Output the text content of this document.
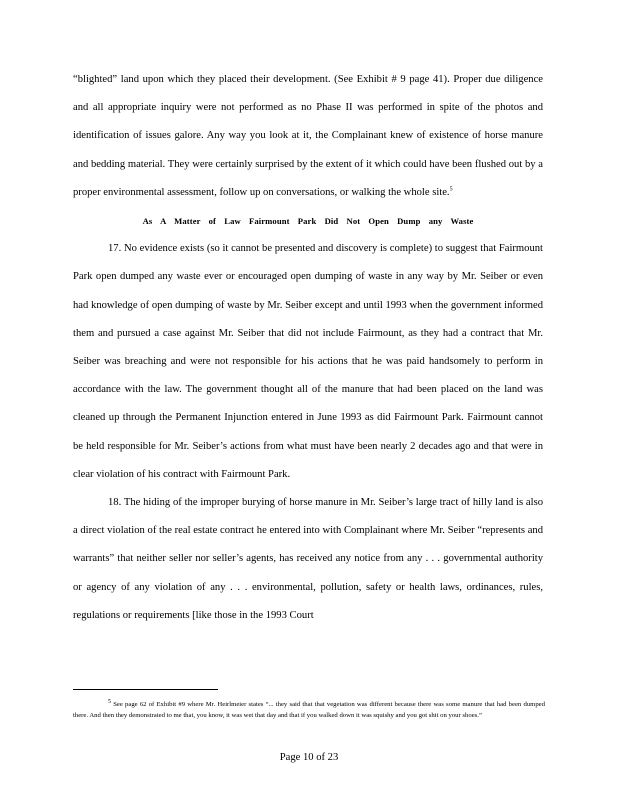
“blighted” land upon which they placed their development. (See Exhibit # 9 page 41). Proper due diligence and all appropriate inquiry were not performed as no Phase II was performed in spite of the photos and identification of issues galore. Any way you look at it, the Complainant knew of existence of horse manure and bedding material. They were certainly surprised by the extent of it which could have been flushed out by a proper environmental assessment, follow up on conversations, or walking the whole site.$^5$

As A Matter of Law Fairmount Park Did Not Open Dump any Waste

17. No evidence exists (so it cannot be presented and discovery is complete) to suggest that Fairmount Park open dumped any waste ever or encouraged open dumping of waste in any way by Mr. Seiber or even had knowledge of open dumping of waste by Mr. Seiber except and until 1993 when the government informed them and pursued a case against Mr. Seiber that did not include Fairmount, as they had a contract that Mr. Seiber was breaching and were not responsible for his actions that he was paid handsomely to perform in accordance with the law. The government thought all of the manure that had been placed on the land was cleaned up through the Permanent Injunction entered in June 1993 as did Fairmount Park. Fairmount cannot be held responsible for Mr. Seiber’s actions from what must have been nearly 2 decades ago and that were in clear violation of his contract with Fairmount Park.

18. The hiding of the improper burying of horse manure in Mr. Seiber’s large tract of hilly land is also a direct violation of the real estate contract he entered into with Complainant where Mr. Seiber “represents and warrants” that neither seller nor seller’s agents, has received any notice from any . . . governmental authority or agency of any violation of any . . . environmental, pollution, safety or health laws, ordinances, rules, regulations or requirements [like those in the 1993 Court

$^5$ See page 62 of Exhibit #9 where Mr. Heirlmeier states “... they said that that vegetation was different because there was some manure that had been dumped there. And then they demonstrated to me that, you know, it was wet that day and that if you walked down it was squishy and you got shit on your shoes.”

Page 10 of 23
